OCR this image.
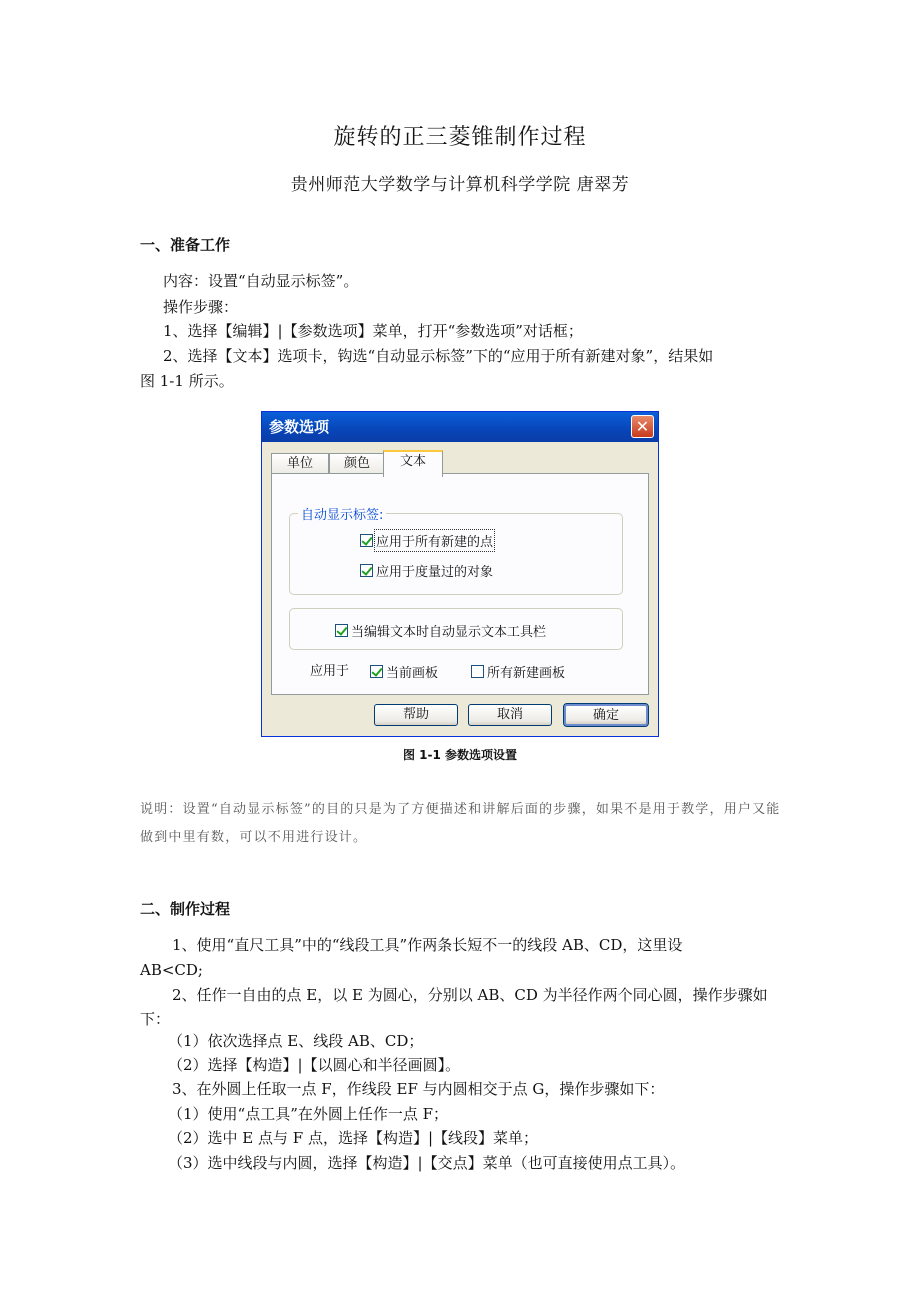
旋转的正三菱锥制作过程
贵州师范大学数学与计算机科学学院 唐翠芳
一、准备工作
内容：设置“自动显示标签”。
操作步骤：
1、选择【编辑】|【参数选项】菜单，打开“参数选项”对话框；
2、选择【文本】选项卡，钩选“自动显示标签”下的“应用于所有新建对象”，结果如
图 1-1 所示。
参数选项	✕
单位	颜色	文本
自动显示标签:
应用于所有新建的点
应用于度量过的对象
当编辑文本时自动显示文本工具栏
应用于	当前画板	所有新建画板
帮助	取消	确定
图 1-1 参数选项设置
说明：设置“自动显示标签”的目的只是为了方便描述和讲解后面的步骤，如果不是用于教学，用户又能做到中里有数，可以不用进行设计。
二、制作过程
1、使用“直尺工具”中的“线段工具”作两条长短不一的线段 AB、CD，这里设
AB<CD;
2、任作一自由的点 E，以 E 为圆心，分别以 AB、CD 为半径作两个同心圆，操作步骤如
下：
（1）依次选择点 E、线段 AB、CD；
（2）选择【构造】|【以圆心和半径画圆】。
3、在外圆上任取一点 F，作线段 EF 与内圆相交于点 G，操作步骤如下：
（1）使用“点工具”在外圆上任作一点 F；
（2）选中 E 点与 F 点，选择【构造】|【线段】菜单；
（3）选中线段与内圆，选择【构造】|【交点】菜单（也可直接使用点工具）。
